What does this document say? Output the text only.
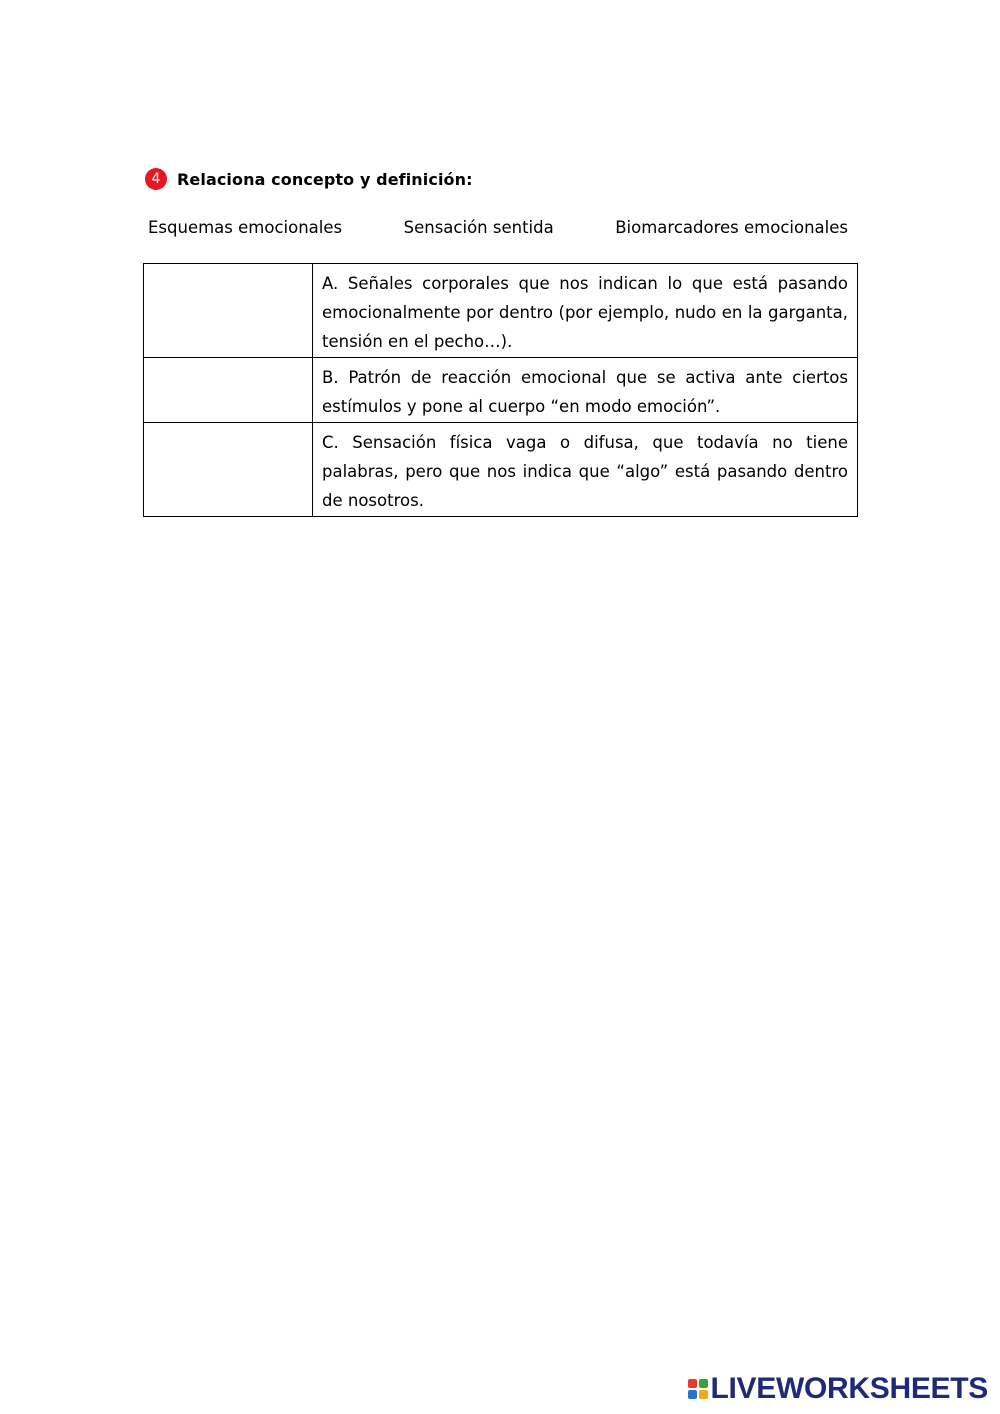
4	Relaciona concepto y definición:
Esquemas emocionales	Sensación sentida	Biomarcadores emocionales
	A. Señales corporales que nos indican lo que está pasando emocionalmente por dentro (por ejemplo, nudo en la garganta, tensión en el pecho…).

	B. Patrón de reacción emocional que se activa ante ciertos estímulos y pone al cuerpo “en modo emoción”.

	C. Sensación física vaga o difusa, que todavía no tiene palabras, pero que nos indica que “algo” está pasando dentro de nosotros.
LIVEWORKSHEETS
